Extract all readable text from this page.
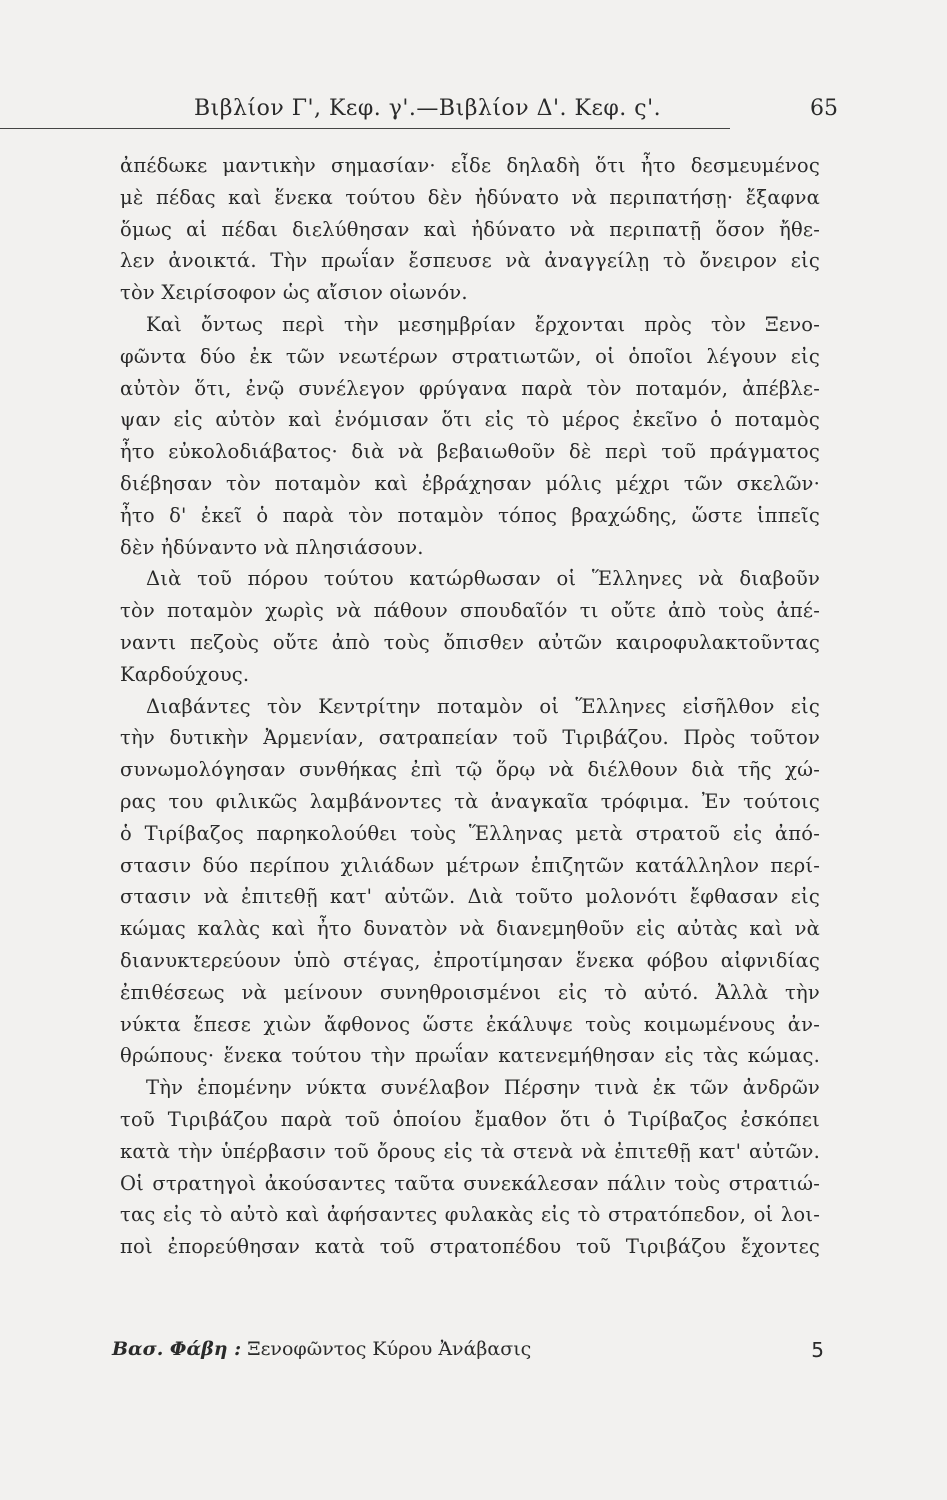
Βιβλίον Γ', Κεφ. γ'.—Βιβλίον Δ'. Κεφ. ς'.	65
ἀπέδωκε μαντικὴν σημασίαν· εἶδε δηλαδὴ ὅτι ἦτο δεσμευμένος
μὲ πέδας καὶ ἕνεκα τούτου δὲν ἠδύνατο νὰ περιπατήσῃ· ἔξαφνα
ὅμως αἱ πέδαι διελύθησαν καὶ ἠδύνατο νὰ περιπατῇ ὅσον ἤθε-
λεν ἀνοικτά. Τὴν πρωΐαν ἔσπευσε νὰ ἀναγγείλῃ τὸ ὄνειρον εἰς
τὸν Χειρίσοφον ὡς αἴσιον οἰωνόν.
Καὶ ὄντως περὶ τὴν μεσημβρίαν ἔρχονται πρὸς τὸν Ξενο-
φῶντα δύο ἐκ τῶν νεωτέρων στρατιωτῶν, οἱ ὁποῖοι λέγουν εἰς
αὐτὸν ὅτι, ἐνῷ συνέλεγον φρύγανα παρὰ τὸν ποταμόν, ἀπέβλε-
ψαν εἰς αὐτὸν καὶ ἐνόμισαν ὅτι εἰς τὸ μέρος ἐκεῖνο ὁ ποταμὸς
ἦτο εὐκολοδιάβατος· διὰ νὰ βεβαιωθοῦν δὲ περὶ τοῦ πράγματος
διέβησαν τὸν ποταμὸν καὶ ἐβράχησαν μόλις μέχρι τῶν σκελῶν·
ἦτο δ' ἐκεῖ ὁ παρὰ τὸν ποταμὸν τόπος βραχώδης, ὥστε ἱππεῖς
δὲν ἠδύναντο νὰ πλησιάσουν.
Διὰ τοῦ πόρου τούτου κατώρθωσαν οἱ Ἕλληνες νὰ διαβοῦν
τὸν ποταμὸν χωρὶς νὰ πάθουν σπουδαῖόν τι οὔτε ἀπὸ τοὺς ἀπέ-
ναντι πεζοὺς οὔτε ἀπὸ τοὺς ὄπισθεν αὐτῶν καιροφυλακτοῦντας
Καρδούχους.
Διαβάντες τὸν Κεντρίτην ποταμὸν οἱ Ἕλληνες εἰσῆλθον εἰς
τὴν δυτικὴν Ἀρμενίαν, σατραπείαν τοῦ Τιριβάζου. Πρὸς τοῦτον
συνωμολόγησαν συνθήκας ἐπὶ τῷ ὅρῳ νὰ διέλθουν διὰ τῆς χώ-
ρας του φιλικῶς λαμβάνοντες τὰ ἀναγκαῖα τρόφιμα. Ἐν τούτοις
ὁ Τιρίβαζος παρηκολούθει τοὺς Ἕλληνας μετὰ στρατοῦ εἰς ἀπό-
στασιν δύο περίπου χιλιάδων μέτρων ἐπιζητῶν κατάλληλον περί-
στασιν νὰ ἐπιτεθῇ κατ' αὐτῶν. Διὰ τοῦτο μολονότι ἔφθασαν εἰς
κώμας καλὰς καὶ ἦτο δυνατὸν νὰ διανεμηθοῦν εἰς αὐτὰς καὶ νὰ
διανυκτερεύουν ὑπὸ στέγας, ἐπροτίμησαν ἕνεκα φόβου αἰφνιδίας
ἐπιθέσεως νὰ μείνουν συνηθροισμένοι εἰς τὸ αὐτό. Ἀλλὰ τὴν
νύκτα ἔπεσε χιὼν ἄφθονος ὥστε ἐκάλυψε τοὺς κοιμωμένους ἀν-
θρώπους· ἕνεκα τούτου τὴν πρωΐαν κατενεμήθησαν εἰς τὰς κώμας.
Τὴν ἑπομένην νύκτα συνέλαβον Πέρσην τινὰ ἐκ τῶν ἀνδρῶν
τοῦ Τιριβάζου παρὰ τοῦ ὁποίου ἔμαθον ὅτι ὁ Τιρίβαζος ἐσκόπει
κατὰ τὴν ὑπέρβασιν τοῦ ὄρους εἰς τὰ στενὰ νὰ ἐπιτεθῇ κατ' αὐτῶν.
Οἱ στρατηγοὶ ἀκούσαντες ταῦτα συνεκάλεσαν πάλιν τοὺς στρατιώ-
τας εἰς τὸ αὐτὸ καὶ ἀφήσαντες φυλακὰς εἰς τὸ στρατόπεδον, οἱ λοι-
ποὶ ἐπορεύθησαν κατὰ τοῦ στρατοπέδου τοῦ Τιριβάζου ἔχοντες
Βασ. Φάβη : Ξενοφῶντος Κύρου Ἀνάβασις	5
